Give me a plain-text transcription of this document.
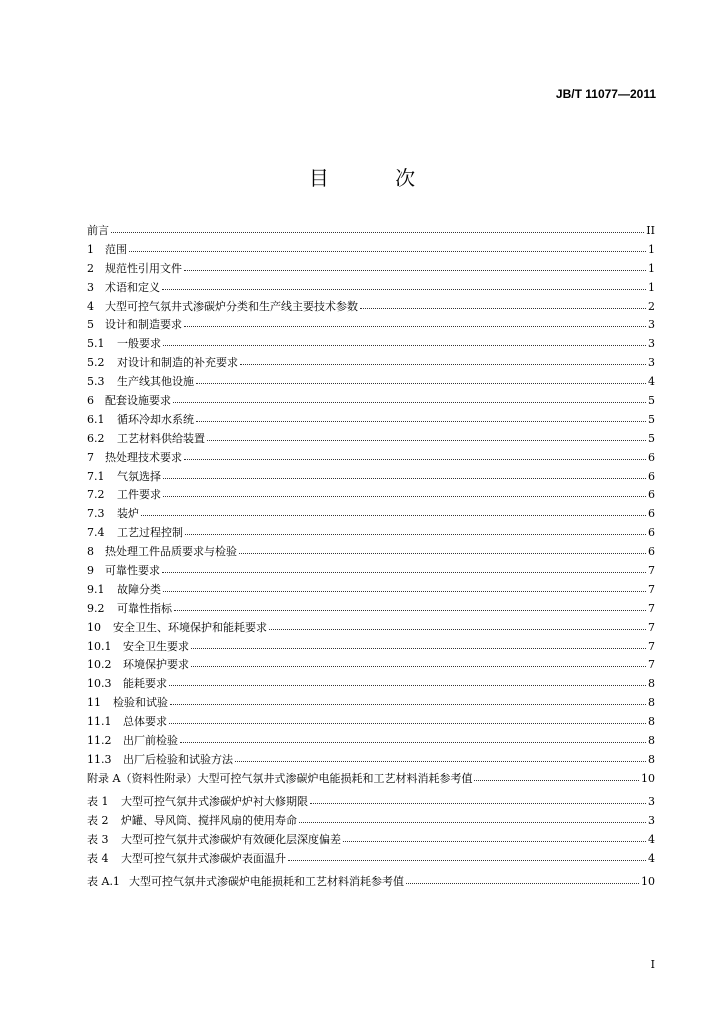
JB/T 11077—2011
目 次
前言	II
1 范围	1
2 规范性引用文件	1
3 术语和定义	1
4 大型可控气氛井式渗碳炉分类和生产线主要技术参数	2
5 设计和制造要求	3
5.1 一般要求	3
5.2 对设计和制造的补充要求	3
5.3 生产线其他设施	4
6 配套设施要求	5
6.1 循环冷却水系统	5
6.2 工艺材料供给装置	5
7 热处理技术要求	6
7.1 气氛选择	6
7.2 工件要求	6
7.3 装炉	6
7.4 工艺过程控制	6
8 热处理工件品质要求与检验	6
9 可靠性要求	7
9.1 故障分类	7
9.2 可靠性指标	7
10 安全卫生、环境保护和能耗要求	7
10.1 安全卫生要求	7
10.2 环境保护要求	7
10.3 能耗要求	8
11 检验和试验	8
11.1 总体要求	8
11.2 出厂前检验	8
11.3 出厂后检验和试验方法	8
附录 A（资料性附录）大型可控气氛井式渗碳炉电能损耗和工艺材料消耗参考值	10
表 1 大型可控气氛井式渗碳炉炉衬大修期限	3
表 2 炉罐、导风筒、搅拌风扇的使用寿命	3
表 3 大型可控气氛井式渗碳炉有效硬化层深度偏差	4
表 4 大型可控气氛井式渗碳炉表面温升	4
表 A.1 大型可控气氛井式渗碳炉电能损耗和工艺材料消耗参考值	10
I
